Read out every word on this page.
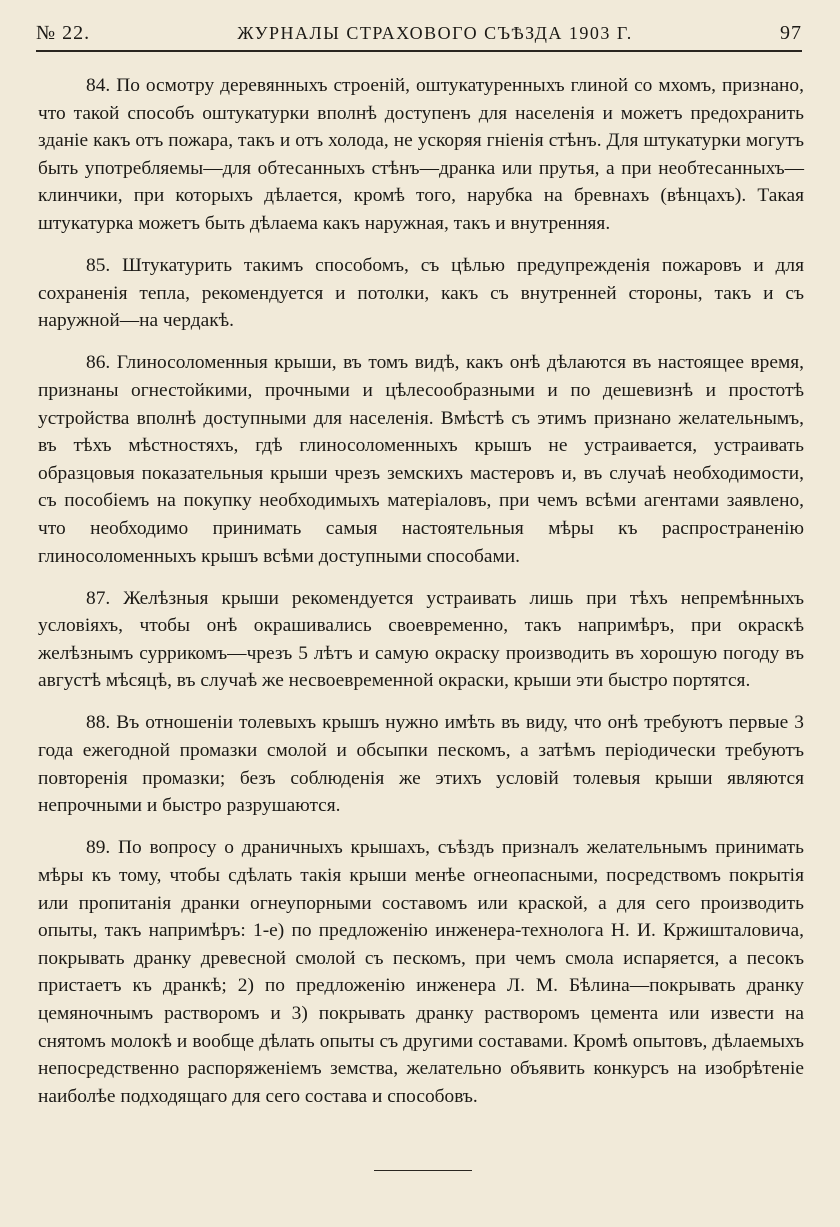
№ 22.	ЖУРНАЛЫ СТРАХОВОГО СЪѢЗДА 1903 Г.	97

84. По осмотру деревянныхъ строеній, оштукатуренныхъ глиной со мхомъ, признано, что такой способъ оштукатурки вполнѣ доступенъ для населенія и можетъ предохранить зданіе какъ отъ пожара, такъ и отъ холода, не ускоряя гніенія стѣнъ. Для штукатурки могутъ быть употребляемы—для обтесанныхъ стѣнъ—дранка или прутья, а при необтесанныхъ—клинчики, при которыхъ дѣлается, кромѣ того, нарубка на бревнахъ (вѣнцахъ). Такая штукатурка можетъ быть дѣлаема какъ наружная, такъ и внутренняя.

85. Штукатурить такимъ способомъ, съ цѣлью предупрежденія пожаровъ и для сохраненія тепла, рекомендуется и потолки, какъ съ внутренней стороны, такъ и съ наружной—на чердакѣ.

86. Глиносоломенныя крыши, въ томъ видѣ, какъ онѣ дѣлаются въ настоящее время, признаны огнестойкими, прочными и цѣлесообразными и по дешевизнѣ и простотѣ устройства вполнѣ доступными для населенія. Вмѣстѣ съ этимъ признано желательнымъ, въ тѣхъ мѣстностяхъ, гдѣ глиносоломенныхъ крышъ не устраивается, устраивать образцовыя показательныя крыши чрезъ земскихъ мастеровъ и, въ случаѣ необходимости, съ пособіемъ на покупку необходимыхъ матеріаловъ, при чемъ всѣми агентами заявлено, что необходимо принимать самыя настоятельныя мѣры къ распространенію глиносоломенныхъ крышъ всѣми доступными способами.

87. Желѣзныя крыши рекомендуется устраивать лишь при тѣхъ непремѣнныхъ условіяхъ, чтобы онѣ окрашивались своевременно, такъ напримѣръ, при окраскѣ желѣзнымъ суррикомъ—чрезъ 5 лѣтъ и самую окраску производить въ хорошую погоду въ августѣ мѣсяцѣ, въ случаѣ же несвоевременной окраски, крыши эти быстро портятся.

88. Въ отношеніи толевыхъ крышъ нужно имѣть въ виду, что онѣ требуютъ первые 3 года ежегодной промазки смолой и обсыпки пескомъ, а затѣмъ періодически требуютъ повторенія промазки; безъ соблюденія же этихъ условій толевыя крыши являются непрочными и быстро разрушаются.

89. По вопросу о драничныхъ крышахъ, съѣздъ призналъ желательнымъ принимать мѣры къ тому, чтобы сдѣлать такія крыши менѣе огнеопасными, посредствомъ покрытія или пропитанія дранки огнеупорными составомъ или краской, а для сего производить опыты, такъ напримѣръ: 1-е) по предложенію инженера-технолога Н. И. Кржишталовича, покрывать дранку древесной смолой съ пескомъ, при чемъ смола испаряется, а песокъ пристаетъ къ дранкѣ; 2) по предложенію инженера Л. М. Бѣлина—покрывать дранку цемяночнымъ растворомъ и 3) покрывать дранку растворомъ цемента или извести на снятомъ молокѣ и вообще дѣлать опыты съ другими составами. Кромѣ опытовъ, дѣлаемыхъ непосредственно распоряженіемъ земства, желательно объявить конкурсъ на изобрѣтеніе наиболѣе подходящаго для сего состава и способовъ.
